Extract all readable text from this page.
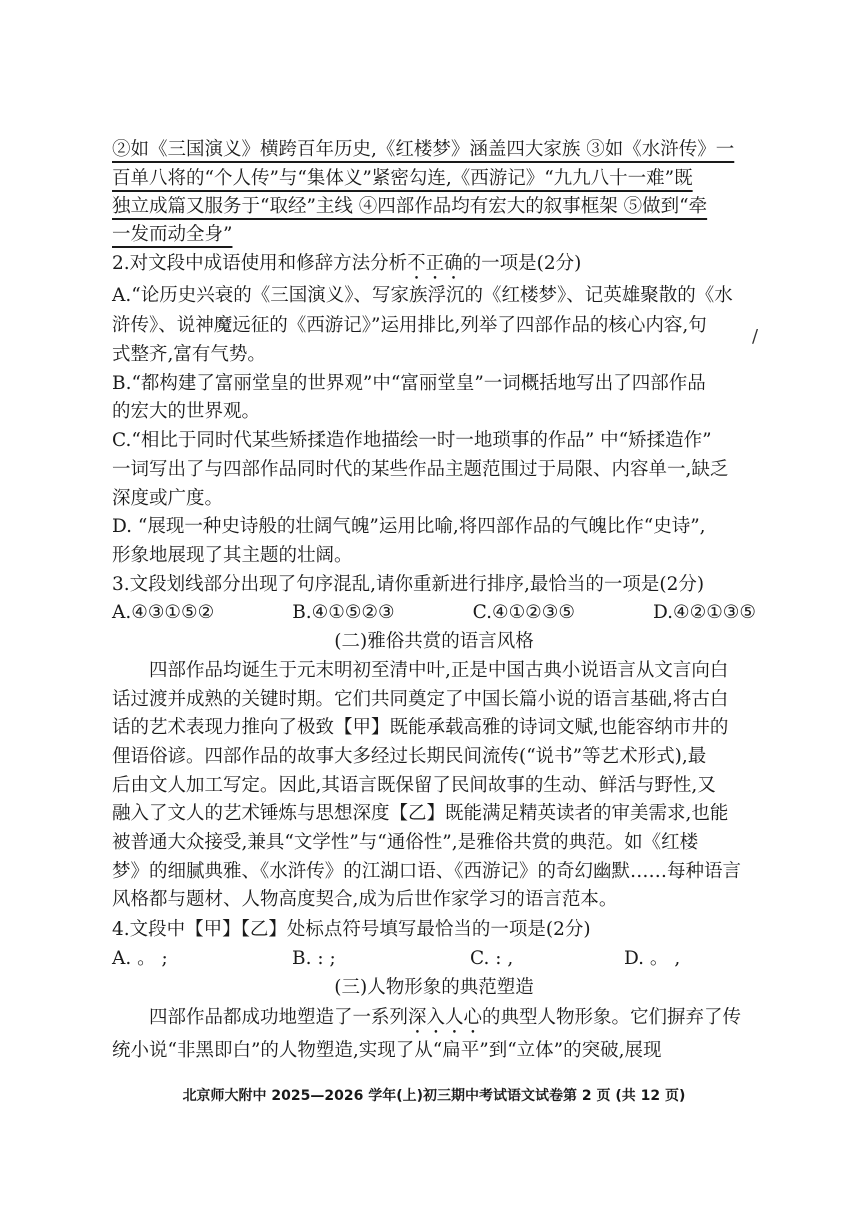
②如《三国演义》横跨百年历史,《红楼梦》涵盖四大家族 ③如《水浒传》一
百单八将的“个人传”与“集体义”紧密勾连,《西游记》“九九八十一难”既
独立成篇又服务于“取经”主线 ④四部作品均有宏大的叙事框架 ⑤做到“牵
一发而动全身”
2.对文段中成语使用和修辞方法分析不正确的一项是(2分)
A.“论历史兴衰的《三国演义》、写家族浮沉的《红楼梦》、记英雄聚散的《水
浒传》、说神魔远征的《西游记》”运用排比,列举了四部作品的核心内容,句
式整齐,富有气势。
/
B.“都构建了富丽堂皇的世界观”中“富丽堂皇”一词概括地写出了四部作品
的宏大的世界观。
C.“相比于同时代某些矫揉造作地描绘一时一地琐事的作品” 中“矫揉造作”
一词写出了与四部作品同时代的某些作品主题范围过于局限、内容单一,缺乏
深度或广度。
D. “展现一种史诗般的壮阔气魄”运用比喻,将四部作品的气魄比作“史诗”,
形象地展现了其主题的壮阔。
3.文段划线部分出现了句序混乱,请你重新进行排序,最恰当的一项是(2分)
A.④③①⑤②	B.④①⑤②③	C.④①②③⑤	D.④②①③⑤
(二)雅俗共赏的语言风格
　　四部作品均诞生于元末明初至清中叶,正是中国古典小说语言从文言向白
话过渡并成熟的关键时期。它们共同奠定了中国长篇小说的语言基础,将古白
话的艺术表现力推向了极致【甲】既能承载高雅的诗词文赋,也能容纳市井的
俚语俗谚。四部作品的故事大多经过长期民间流传(“说书”等艺术形式),最
后由文人加工写定。因此,其语言既保留了民间故事的生动、鲜活与野性,又
融入了文人的艺术锤炼与思想深度【乙】既能满足精英读者的审美需求,也能
被普通大众接受,兼具“文学性”与“通俗性”,是雅俗共赏的典范。如《红楼
梦》的细腻典雅、《水浒传》的江湖口语、《西游记》的奇幻幽默……每种语言
风格都与题材、人物高度契合,成为后世作家学习的语言范本。
4.文段中【甲】【乙】处标点符号填写最恰当的一项是(2分)
A. 。 ;	B. : ;	C. : ,	D. 。 ,
(三)人物形象的典范塑造
　　四部作品都成功地塑造了一系列深入人心的典型人物形象。它们摒弃了传
统小说“非黑即白”的人物塑造,实现了从“扁平”到“立体”的突破,展现
北京师大附中 2025—2026 学年(上)初三期中考试语文试卷第 2 页 (共 12 页)
